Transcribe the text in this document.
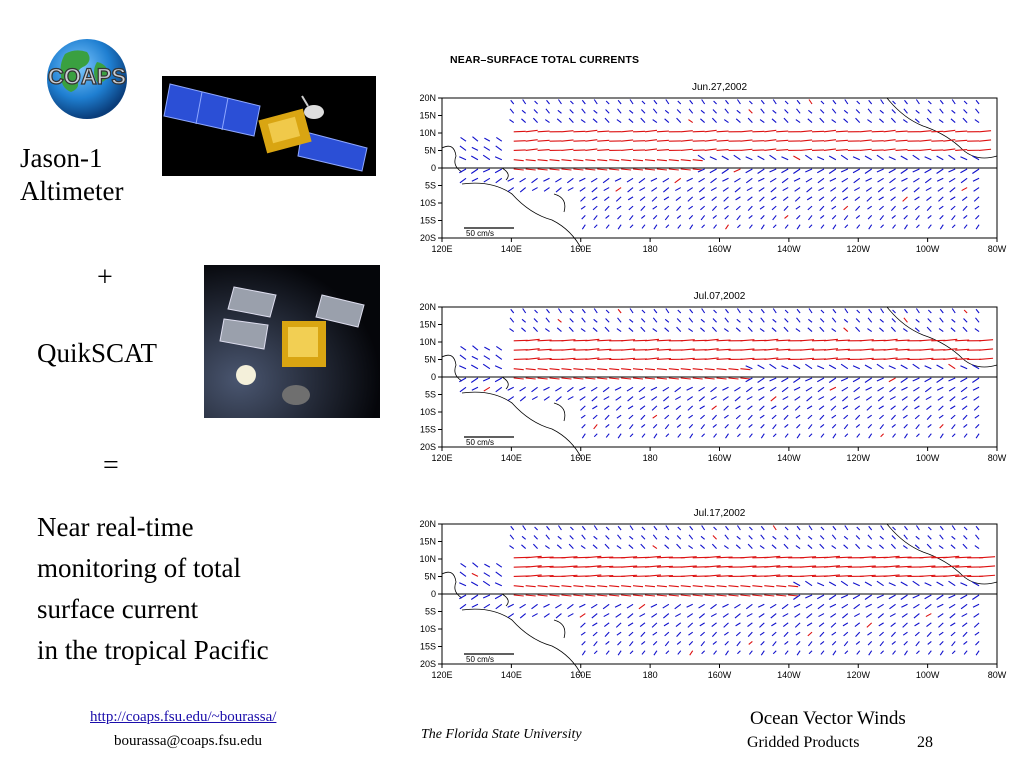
COAPS
Jason-1
Altimeter
+
QuikSCAT
=
Near real-time
monitoring of total
surface current
in the tropical Pacific
NEAR–SURFACE TOTAL CURRENTS
Jun.27,2002
50 cm/s
20N
15N
10N
5N
0
5S
10S
15S
20S
120E	140E	160E	180	160W	140W	120W	100W	80W
Jul.07,2002
50 cm/s
20N
15N
10N
5N
0
5S
10S
15S
20S
120E	140E	160E	180	160W	140W	120W	100W	80W
Jul.17,2002
50 cm/s
20N
15N
10N
5N
0
5S
10S
15S
20S
120E	140E	160E	180	160W	140W	120W	100W	80W
http://coaps.fsu.edu/~bourassa/
bourassa@coaps.fsu.edu	The Florida State University
Ocean Vector Winds
Gridded Products	28
